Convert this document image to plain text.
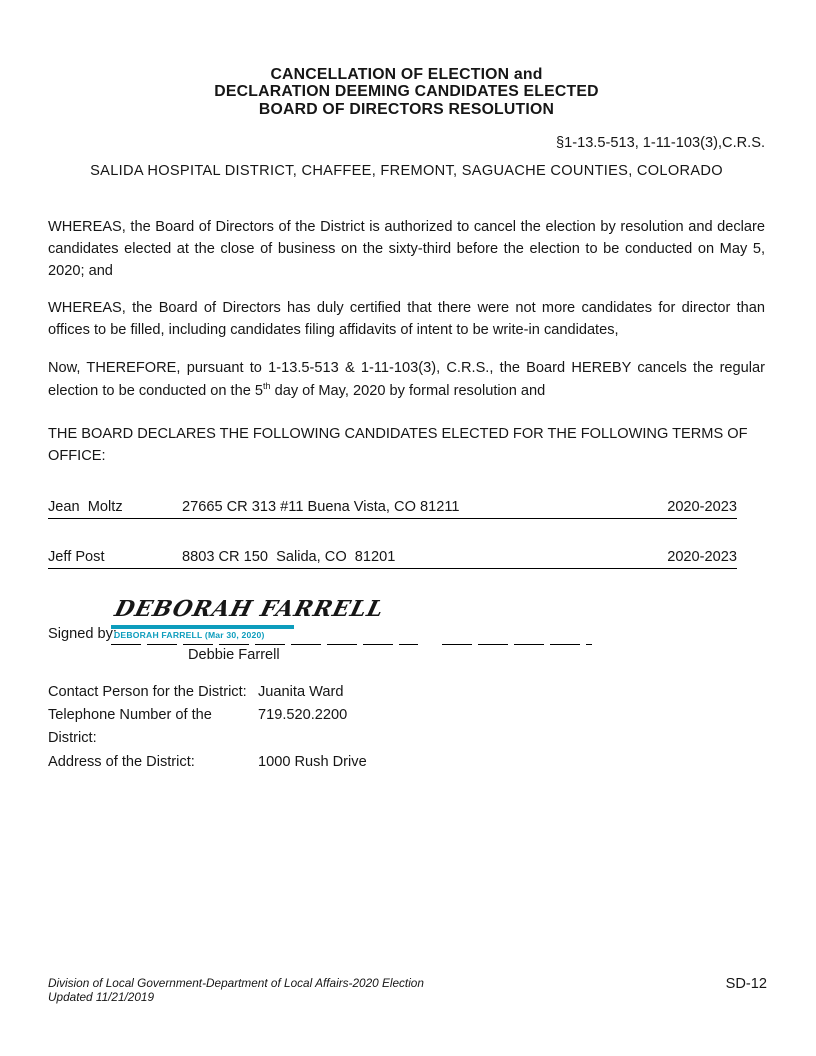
CANCELLATION OF ELECTION and
DECLARATION DEEMING CANDIDATES ELECTED
BOARD OF DIRECTORS RESOLUTION
§1-13.5-513, 1-11-103(3),C.R.S.
SALIDA HOSPITAL DISTRICT, CHAFFEE, FREMONT, SAGUACHE COUNTIES, COLORADO

WHEREAS, the Board of Directors of the District is authorized to cancel the election by resolution and declare candidates elected at the close of business on the sixty-third before the election to be conducted on May 5, 2020; and

WHEREAS, the Board of Directors has duly certified that there were not more candidates for director than offices to be filled, including candidates filing affidavits of intent to be write-in candidates,

Now, THEREFORE, pursuant to 1-13.5-513 & 1-11-103(3), C.R.S., the Board HEREBY cancels the regular election to be conducted on the 5th day of May, 2020 by formal resolution and

THE BOARD DECLARES THE FOLLOWING CANDIDATES ELECTED FOR THE FOLLOWING TERMS OF OFFICE:

Jean  Moltz	27665 CR 313 #11 Buena Vista, CO 81211	2020-2023
Jeff Post	8803 CR 150  Salida, CO  81201	2020-2023
DEBORAH FARRELL
Signed by:
DEBORAH FARRELL (Mar 30, 2020)
Debbie Farrell
Contact Person for the District: Juanita Ward
Telephone Number of the District:
719.520.2200
Address of the District:	1000 Rush Drive
Division of Local Government-Department of Local Affairs-2020 Election
Updated 11/21/2019
SD-12
